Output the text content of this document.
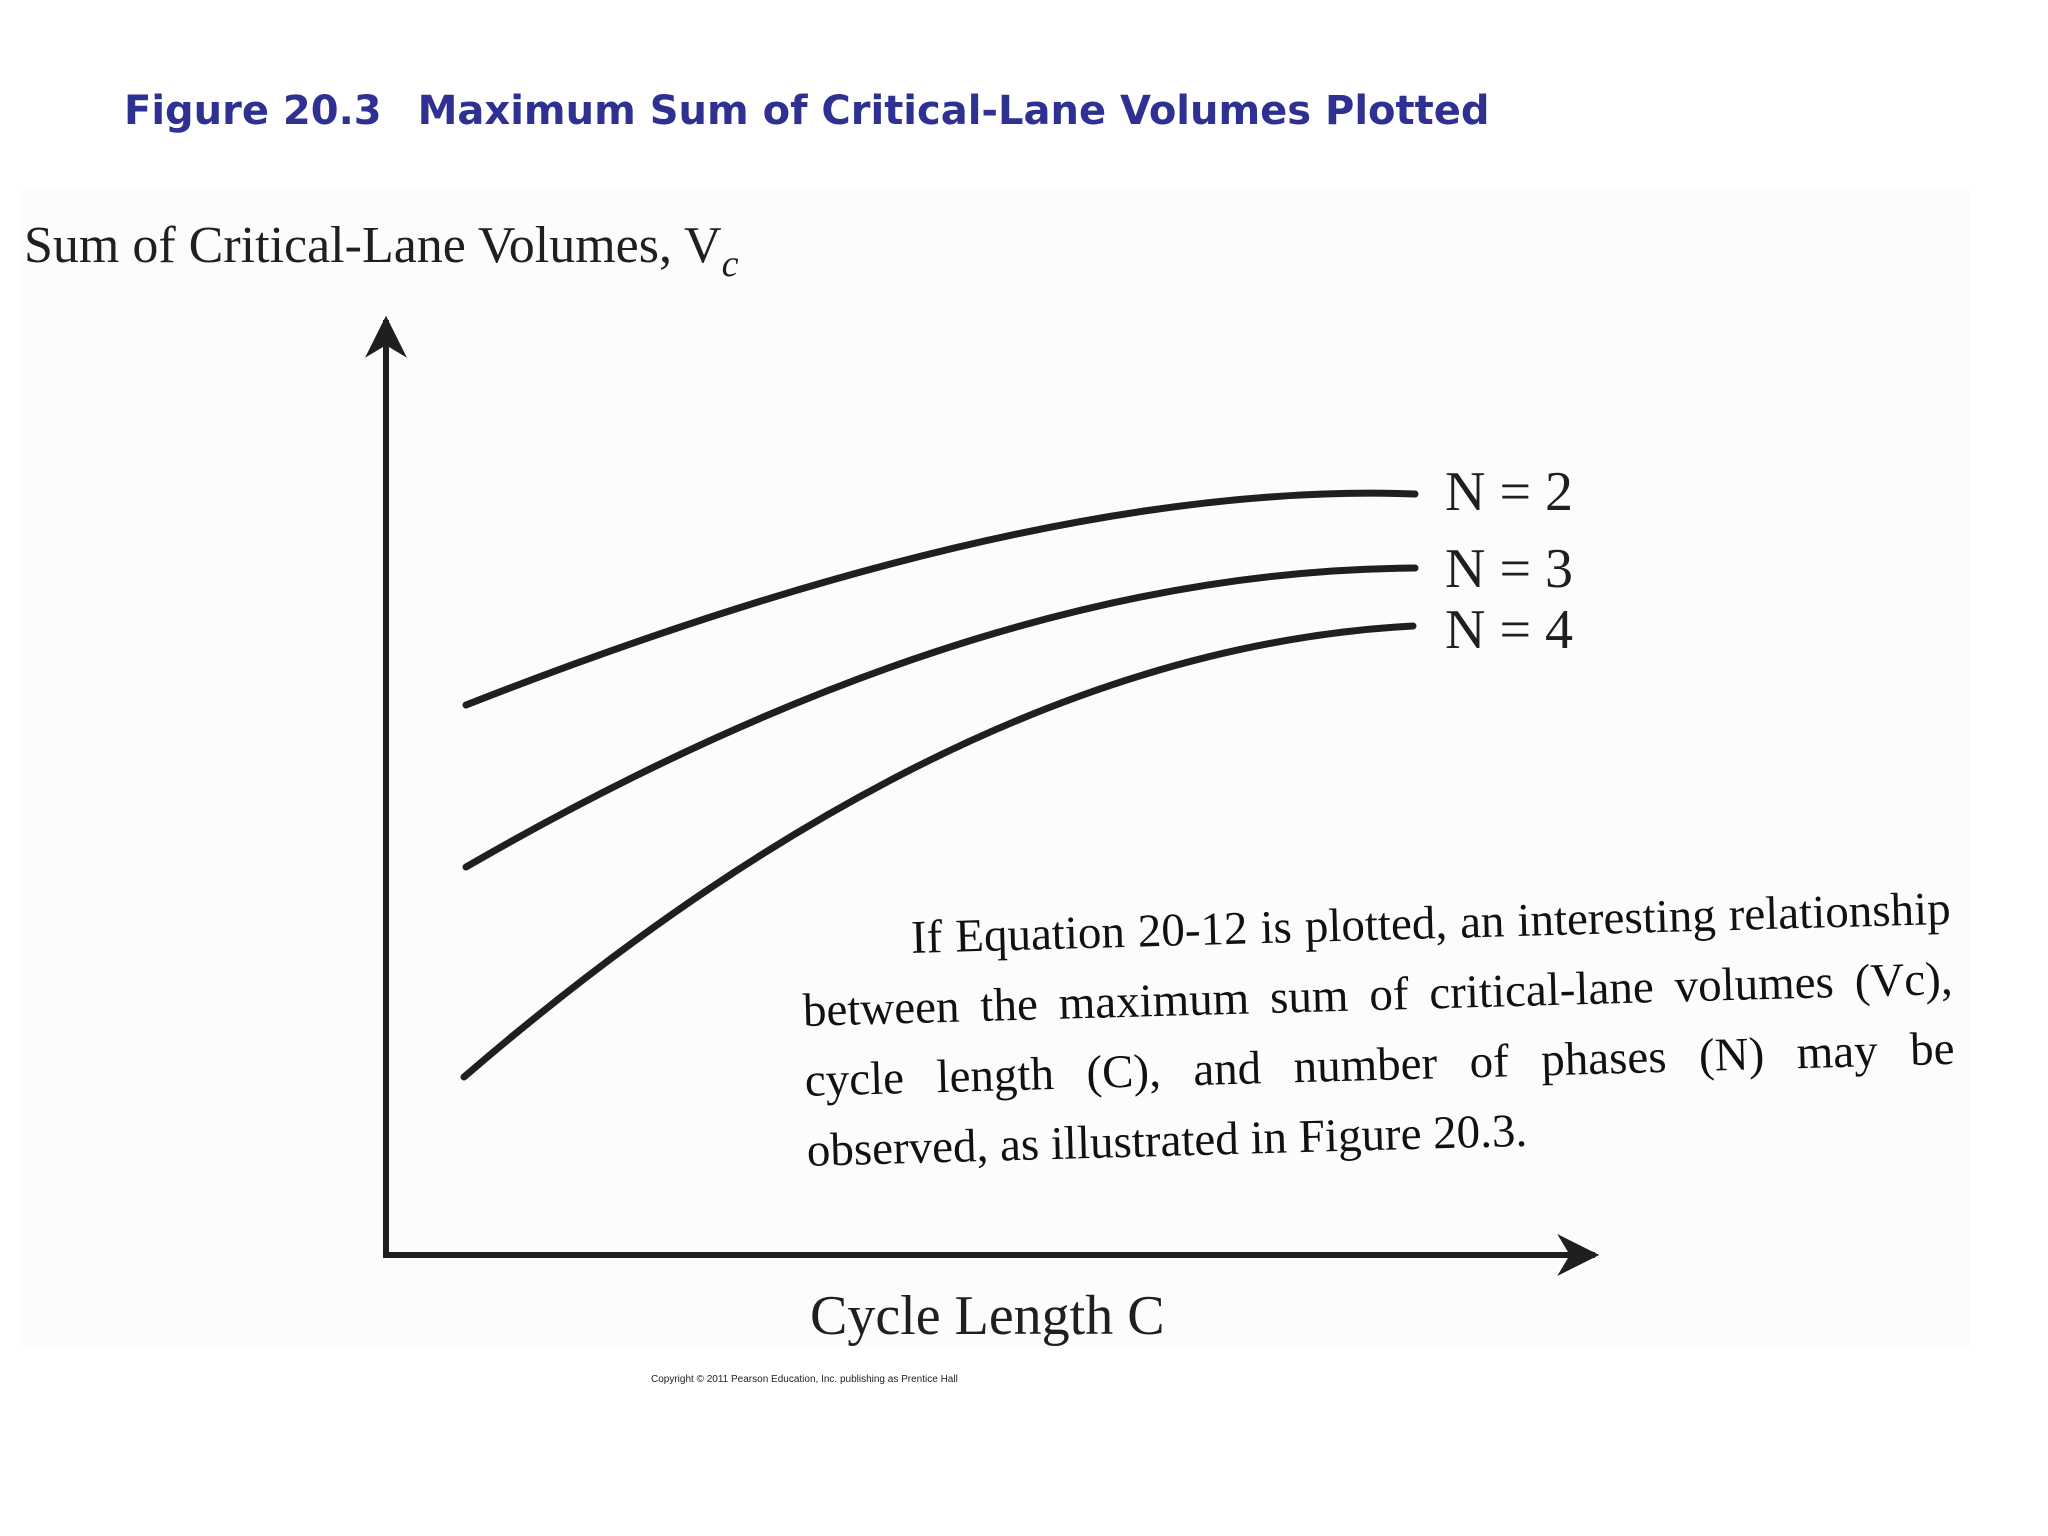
Figure 20.3 Maximum Sum of Critical-Lane Volumes Plotted
Sum of Critical-Lane Volumes, $V_c$
N = 2
N = 3
N = 4
Cycle Length C

If Equation 20-12 is plotted, an interesting relationship between the maximum sum of critical-lane volumes (Vc), cycle length (C), and number of phases (N) may be observed, as illustrated in Figure 20.3.

Copyright © 2011 Pearson Education, Inc. publishing as Prentice Hall
